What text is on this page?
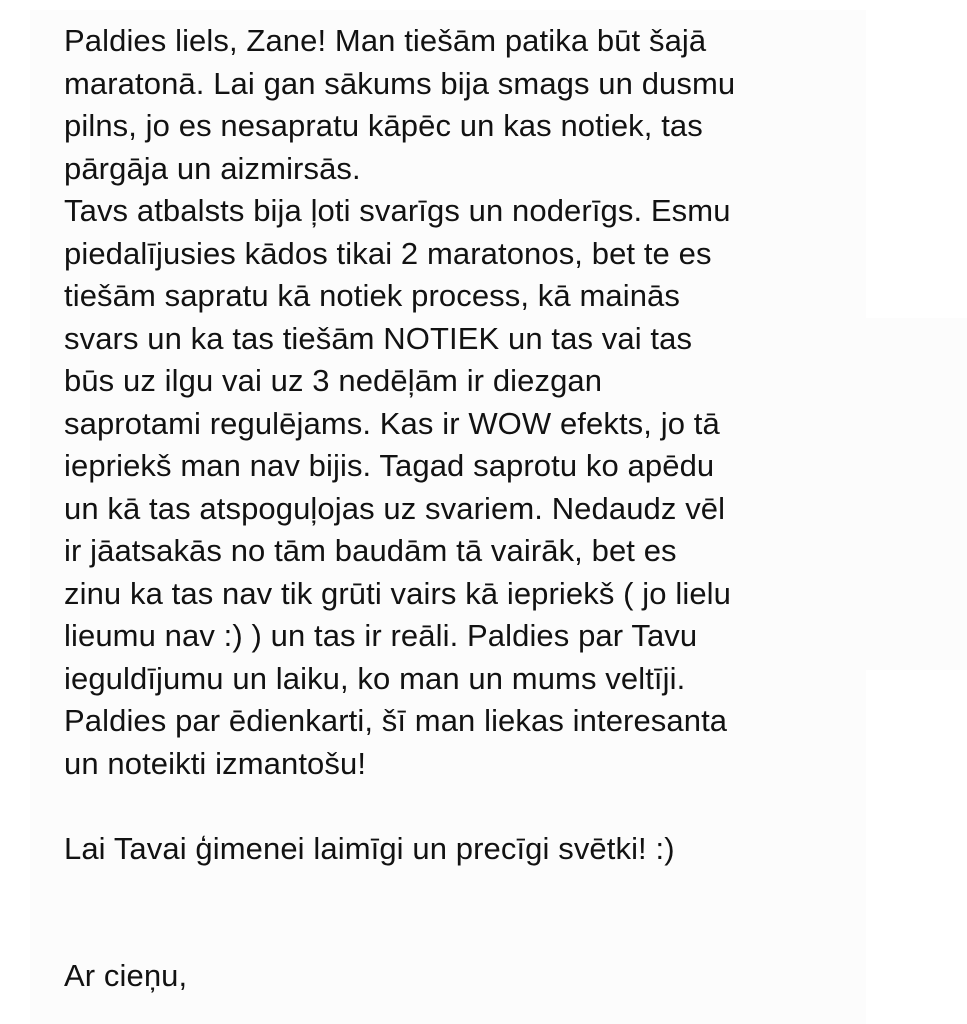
Paldies liels, Zane! Man tiešām patika būt šajā
maratonā. Lai gan sākums bija smags un dusmu
pilns, jo es nesapratu kāpēc un kas notiek, tas
pārgāja un aizmirsās.
Tavs atbalsts bija ļoti svarīgs un noderīgs. Esmu
piedalījusies kādos tikai 2 maratonos, bet te es
tiešām sapratu kā notiek process, kā mainās
svars un ka tas tiešām NOTIEK un tas vai tas
būs uz ilgu vai uz 3 nedēļām ir diezgan
saprotami regulējams. Kas ir WOW efekts, jo tā
iepriekš man nav bijis. Tagad saprotu ko apēdu
un kā tas atspoguļojas uz svariem. Nedaudz vēl
ir jāatsakās no tām baudām tā vairāk, bet es
zinu ka tas nav tik grūti vairs kā iepriekš ( jo lielu
lieumu nav :) ) un tas ir reāli. Paldies par Tavu
ieguldījumu un laiku, ko man un mums veltīji.
Paldies par ēdienkarti, šī man liekas interesanta
un noteikti izmantošu!
Lai Tavai ģimenei laimīgi un precīgi svētki! :)
Ar cieņu,
